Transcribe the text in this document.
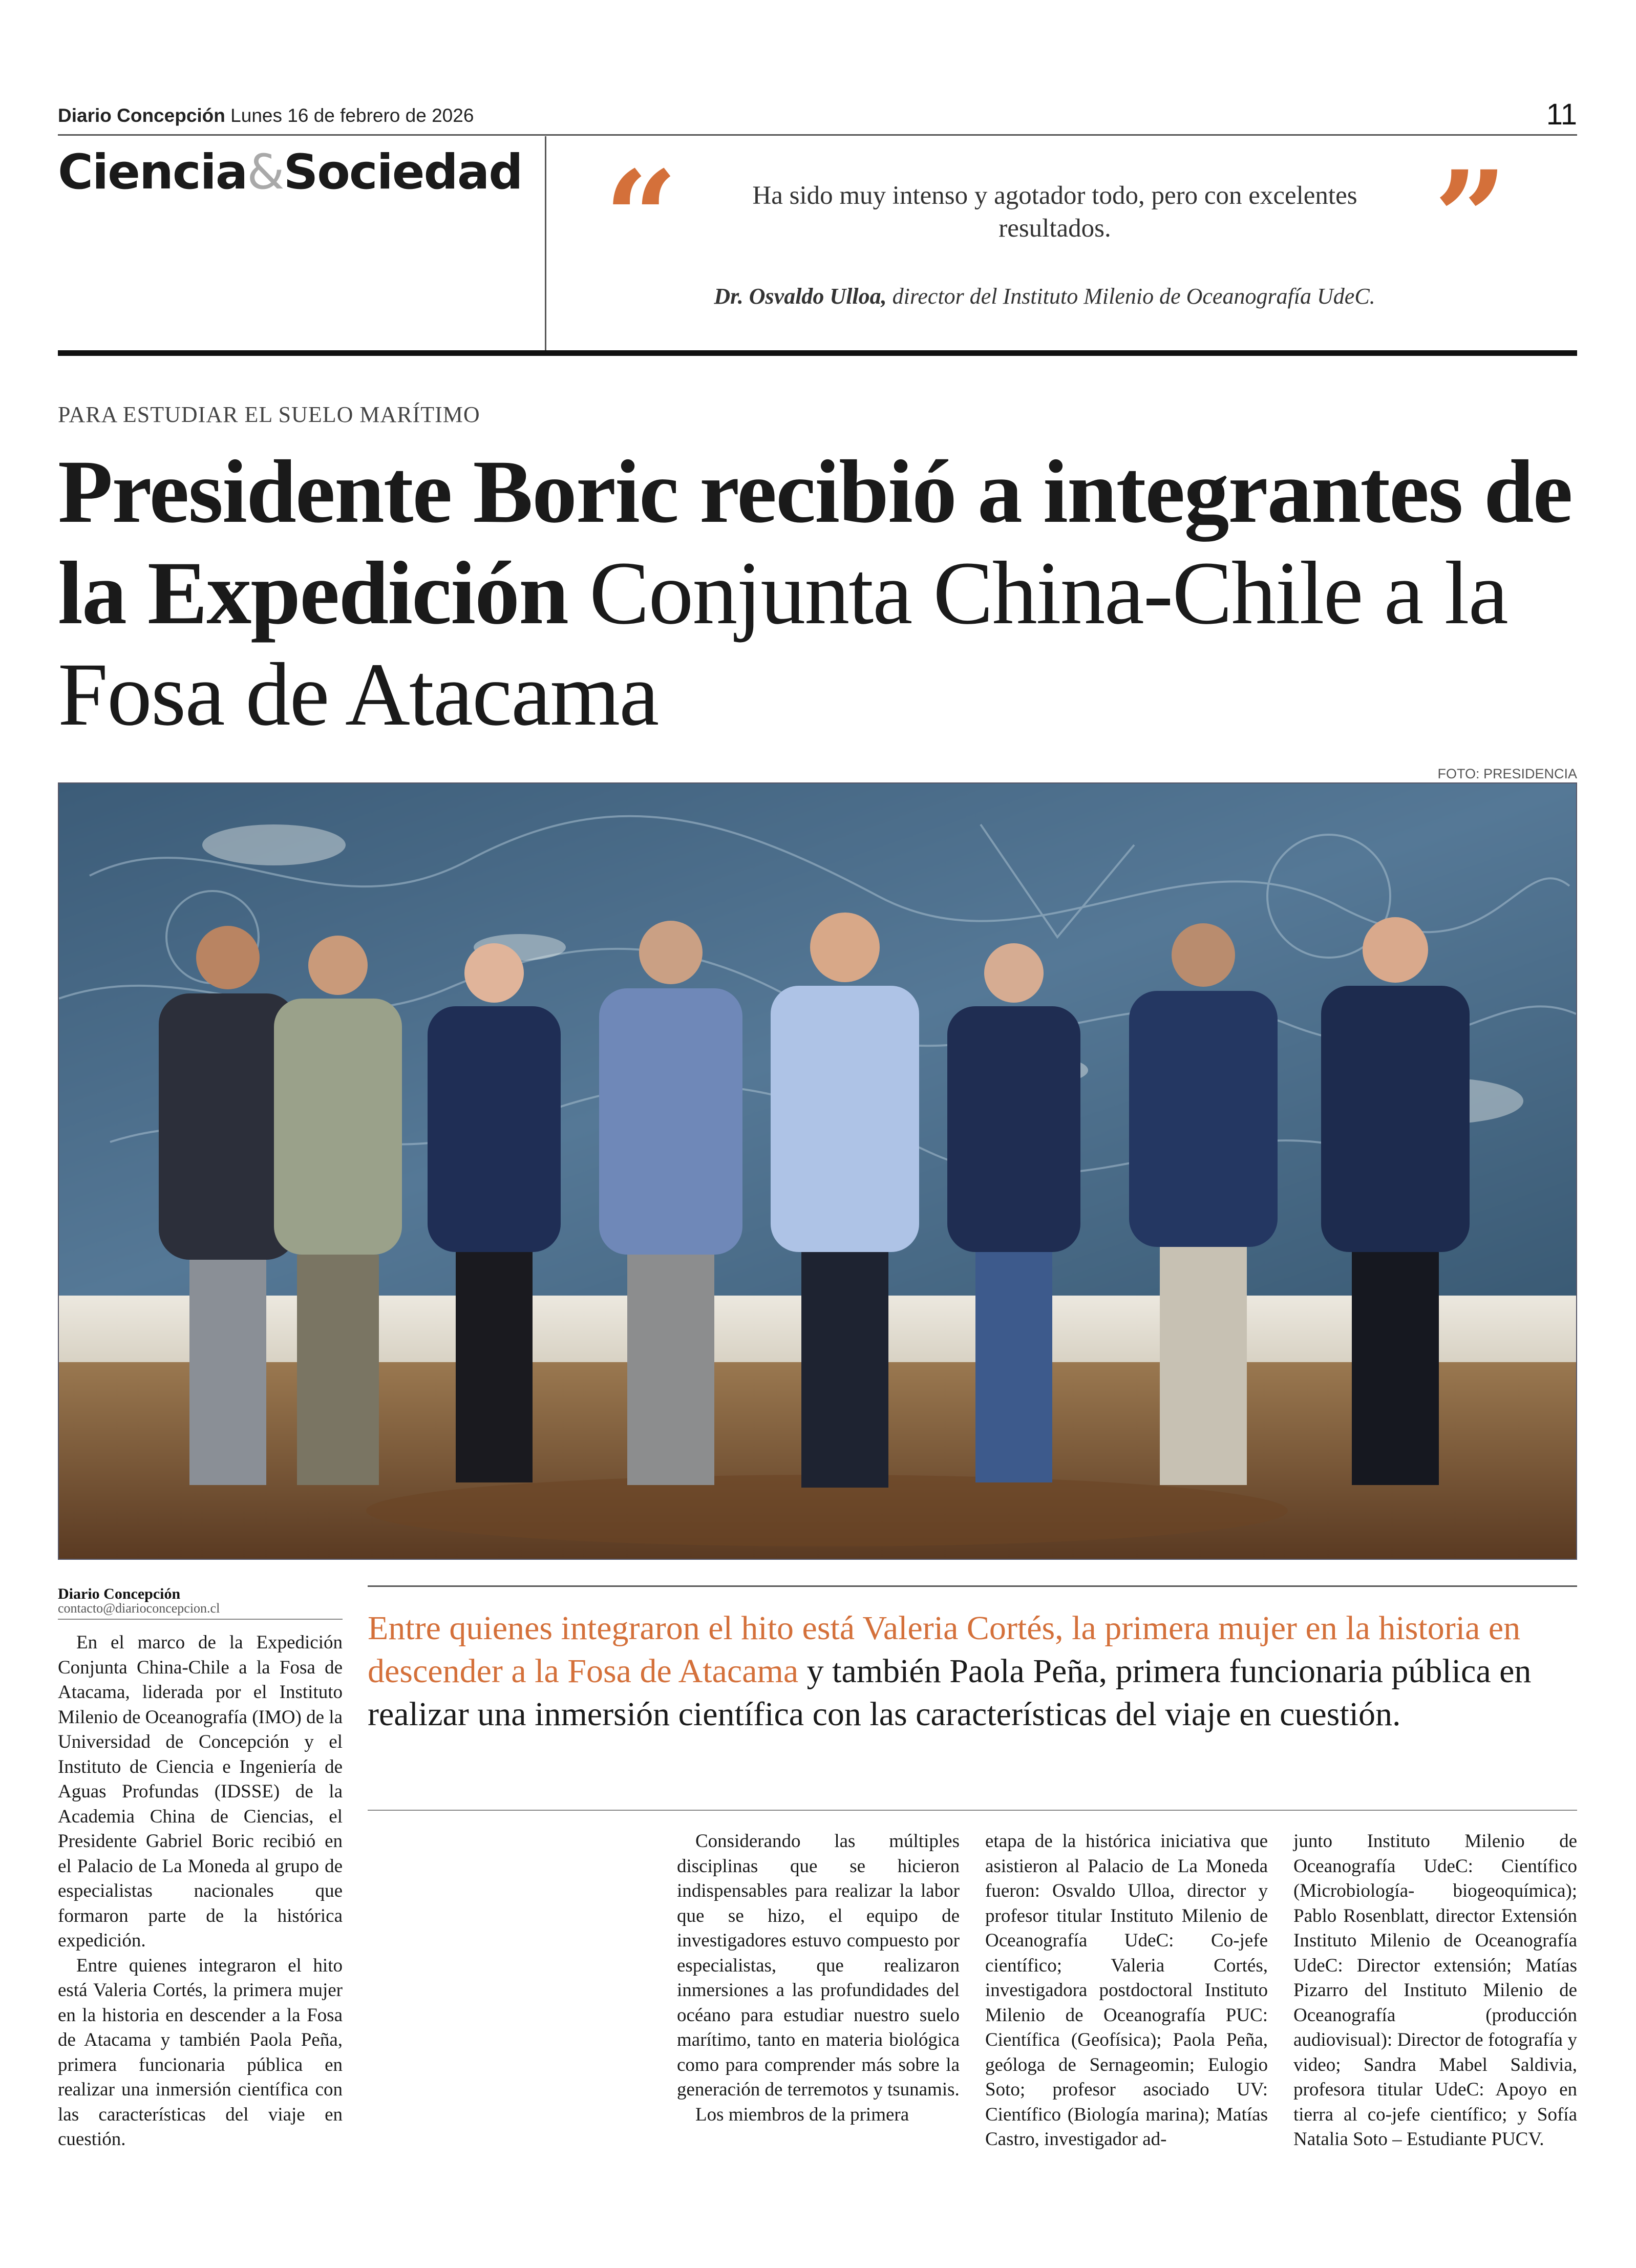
Diario Concepción Lunes 16 de febrero de 2026	11
Ciencia&Sociedad “	”
Ha sido muy intenso y agotador todo, pero con excelentes resultados.
Dr. Osvaldo Ulloa, director del Instituto Milenio de Oceanografía UdeC.
PARA ESTUDIAR EL SUELO MARÍTIMO
Presidente Boric recibió a integrantes de la Expedición Conjunta China-Chile a la Fosa de Atacama
FOTO: PRESIDENCIA
Diario Concepción
contacto@diarioconcepcion.cl

En el marco de la Expedición Conjunta China-Chile a la Fosa de Atacama, liderada por el Instituto Milenio de Oceanografía (IMO) de la Universidad de Concepción y el Instituto de Ciencia e Ingeniería de Aguas Profundas (IDSSE) de la Academia China de Ciencias, el Presidente Gabriel Boric recibió en el Palacio de La Moneda al grupo de especialistas nacionales que formaron parte de la histórica expedición.

Entre quienes integraron el hito está Valeria Cortés, la primera mujer en la historia en descender a la Fosa de Atacama y también Paola Peña, primera funcionaria pública en realizar una inmersión científica con las características del viaje en cuestión.

Entre quienes integraron el hito está Valeria Cortés, la primera mujer en la historia en descender a la Fosa de Atacama y también Paola Peña, primera funcionaria pública en realizar una inmersión científica con las características del viaje en cuestión.

Considerando las múltiples disciplinas que se hicieron indispensables para realizar la labor que se hizo, el equipo de investigadores estuvo compuesto por especialistas, que realizaron inmersiones a las profundidades del océano para estudiar nuestro suelo marítimo, tanto en materia biológica como para comprender más sobre la generación de terremotos y tsunamis.

Los miembros de la primera

etapa de la histórica iniciativa que asistieron al Palacio de La Moneda fueron: Osvaldo Ulloa, director y profesor titular Instituto Milenio de Oceanografía UdeC: Co-jefe científico; Valeria Cortés, investigadora postdoctoral Instituto Milenio de Oceanografía PUC: Científica (Geofísica); Paola Peña, geóloga de Sernageomin; Eulogio Soto; profesor asociado UV: Científico (Biología marina); Matías Castro, investigador ad-

junto Instituto Milenio de Oceanografía UdeC: Científico (Microbiología- biogeoquímica); Pablo Rosenblatt, director Extensión Instituto Milenio de Oceanografía UdeC: Director extensión; Matías Pizarro del Instituto Milenio de Oceanografía (producción audiovisual): Director de fotografía y video; Sandra Mabel Saldivia, profesora titular UdeC: Apoyo en tierra al co-jefe científico; y Sofía Natalia Soto – Estudiante PUCV.
